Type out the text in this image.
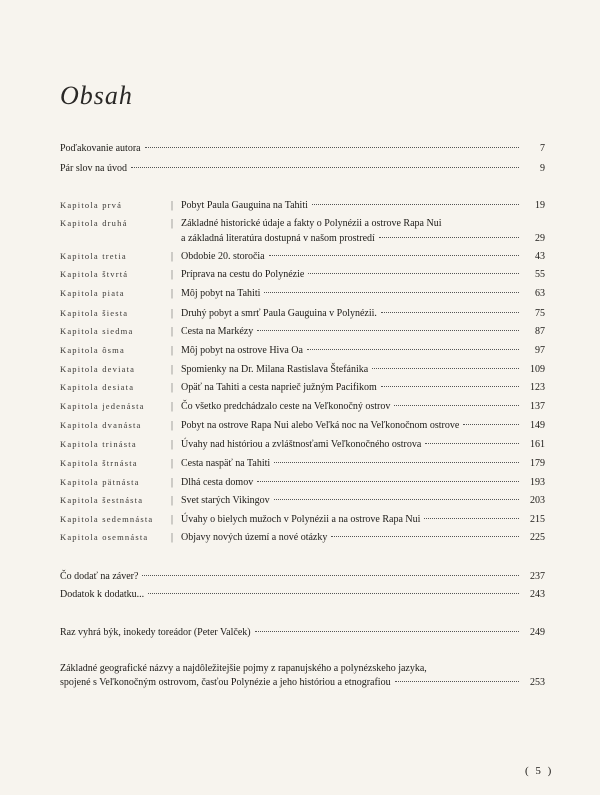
Obsah
Poďakovanie autora	7
Pár slov na úvod	9
Kapitola prvá	| Pobyt Paula Gauguina na Tahiti	19
Kapitola druhá	| Základné historické údaje a fakty o Polynézii a ostrove Rapa Nui
a základná literatúra dostupná v našom prostredí	29
Kapitola tretia	| Obdobie 20. storočia	43
Kapitola štvrtá	| Príprava na cestu do Polynézie	55
Kapitola piata	| Môj pobyt na Tahiti	63
Kapitola šiesta	| Druhý pobyt a smrť Paula Gauguina v Polynézii.	75
Kapitola siedma	| Cesta na Markézy	87
Kapitola ôsma	| Môj pobyt na ostrove Hiva Oa	97
Kapitola deviata	| Spomienky na Dr. Milana Rastislava Štefánika	109
Kapitola desiata	| Opäť na Tahiti a cesta naprieč južným Pacifikom	123
Kapitola jedenásta	| Čo všetko predchádzalo ceste na Veľkonočný ostrov	137
Kapitola dvanásta	| Pobyt na ostrove Rapa Nui alebo Veľká noc na Veľkonočnom ostrove	149
Kapitola trinásta	| Úvahy nad históriou a zvláštnosťami Veľkonočného ostrova	161
Kapitola štrnásta	| Cesta naspäť na Tahiti	179
Kapitola pätnásta	| Dlhá cesta domov	193
Kapitola šestnásta	| Svet starých Vikingov	203
Kapitola sedemnásta	| Úvahy o bielych mužoch v Polynézii a na ostrove Rapa Nui	215
Kapitola osemnásta	| Objavy nových území a nové otázky	225
Čo dodať na záver?	237
Dodatok k dodatku...	243
Raz vyhrá býk, inokedy toreádor (Peter Valček)	249
Základné geografické názvy a najdôležitejšie pojmy z rapanujského a polynézskeho jazyka,
spojené s Veľkonočným ostrovom, časťou Polynézie a jeho históriou a etnografiou	253
( 5 )
